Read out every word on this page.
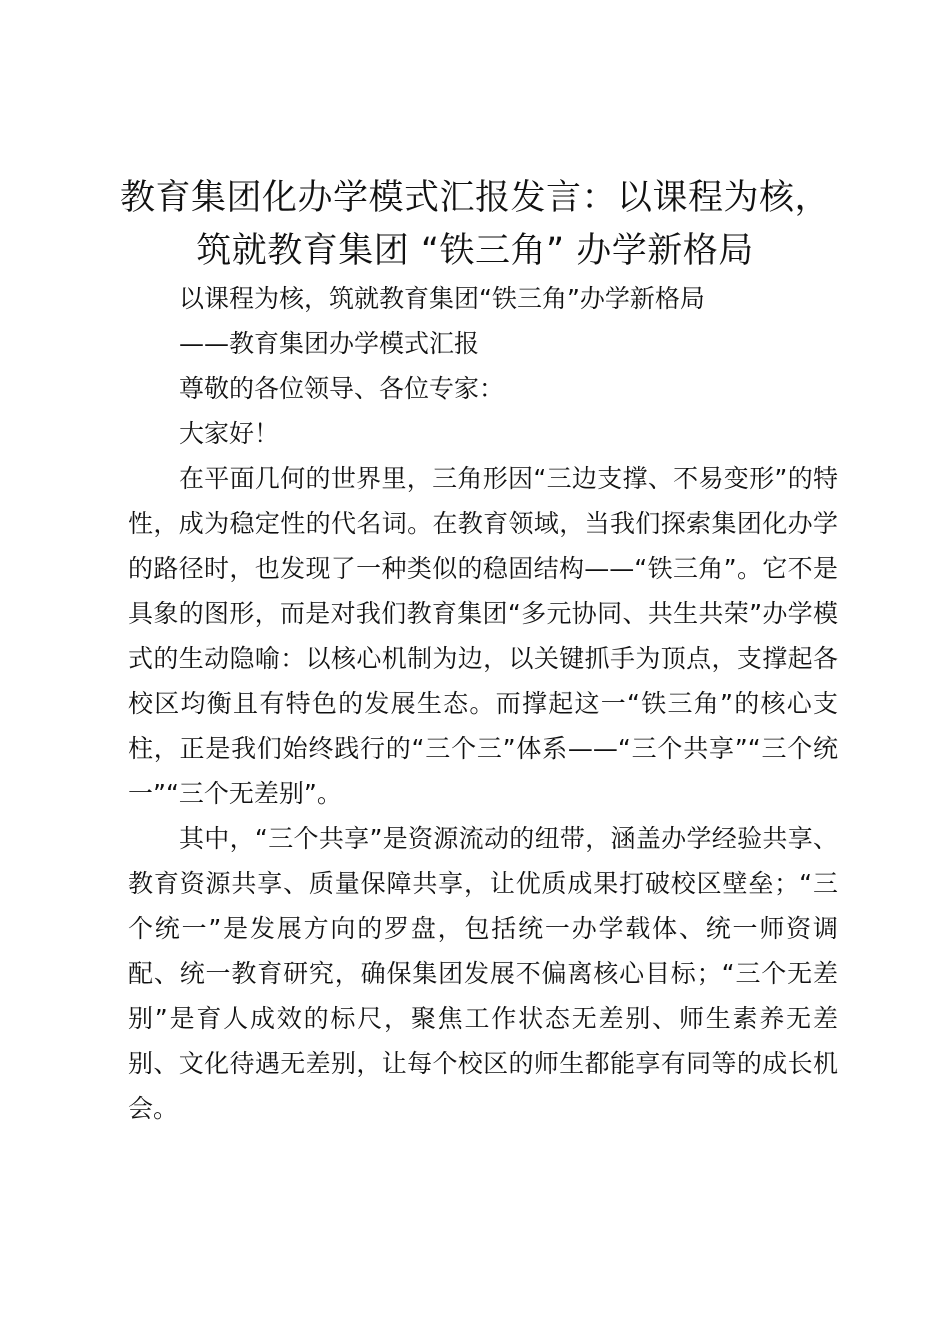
教育集团化办学模式汇报发言：以课程为核，
筑就教育集团 “铁三角” 办学新格局
以课程为核，筑就教育集团“铁三角”办学新格局
——教育集团办学模式汇报
尊敬的各位领导、各位专家：
大家好！

在平面几何的世界里，三角形因“三边支撑、不易变形”的特性，成为稳定性的代名词。在教育领域，当我们探索集团化办学的路径时，也发现了一种类似的稳固结构——“铁三角”。它不是具象的图形，而是对我们教育集团“多元协同、共生共荣”办学模式的生动隐喻：以核心机制为边，以关键抓手为顶点，支撑起各校区均衡且有特色的发展生态。而撑起这一“铁三角”的核心支柱，正是我们始终践行的“三个三”体系——“三个共享”“三个统一”“三个无差别”。

其中，“三个共享”是资源流动的纽带，涵盖办学经验共享、教育资源共享、质量保障共享，让优质成果打破校区壁垒；“三个统一”是发展方向的罗盘，包括统一办学载体、统一师资调配、统一教育研究，确保集团发展不偏离核心目标；“三个无差别”是育人成效的标尺，聚焦工作状态无差别、师生素养无差别、文化待遇无差别，让每个校区的师生都能享有同等的成长机会。
